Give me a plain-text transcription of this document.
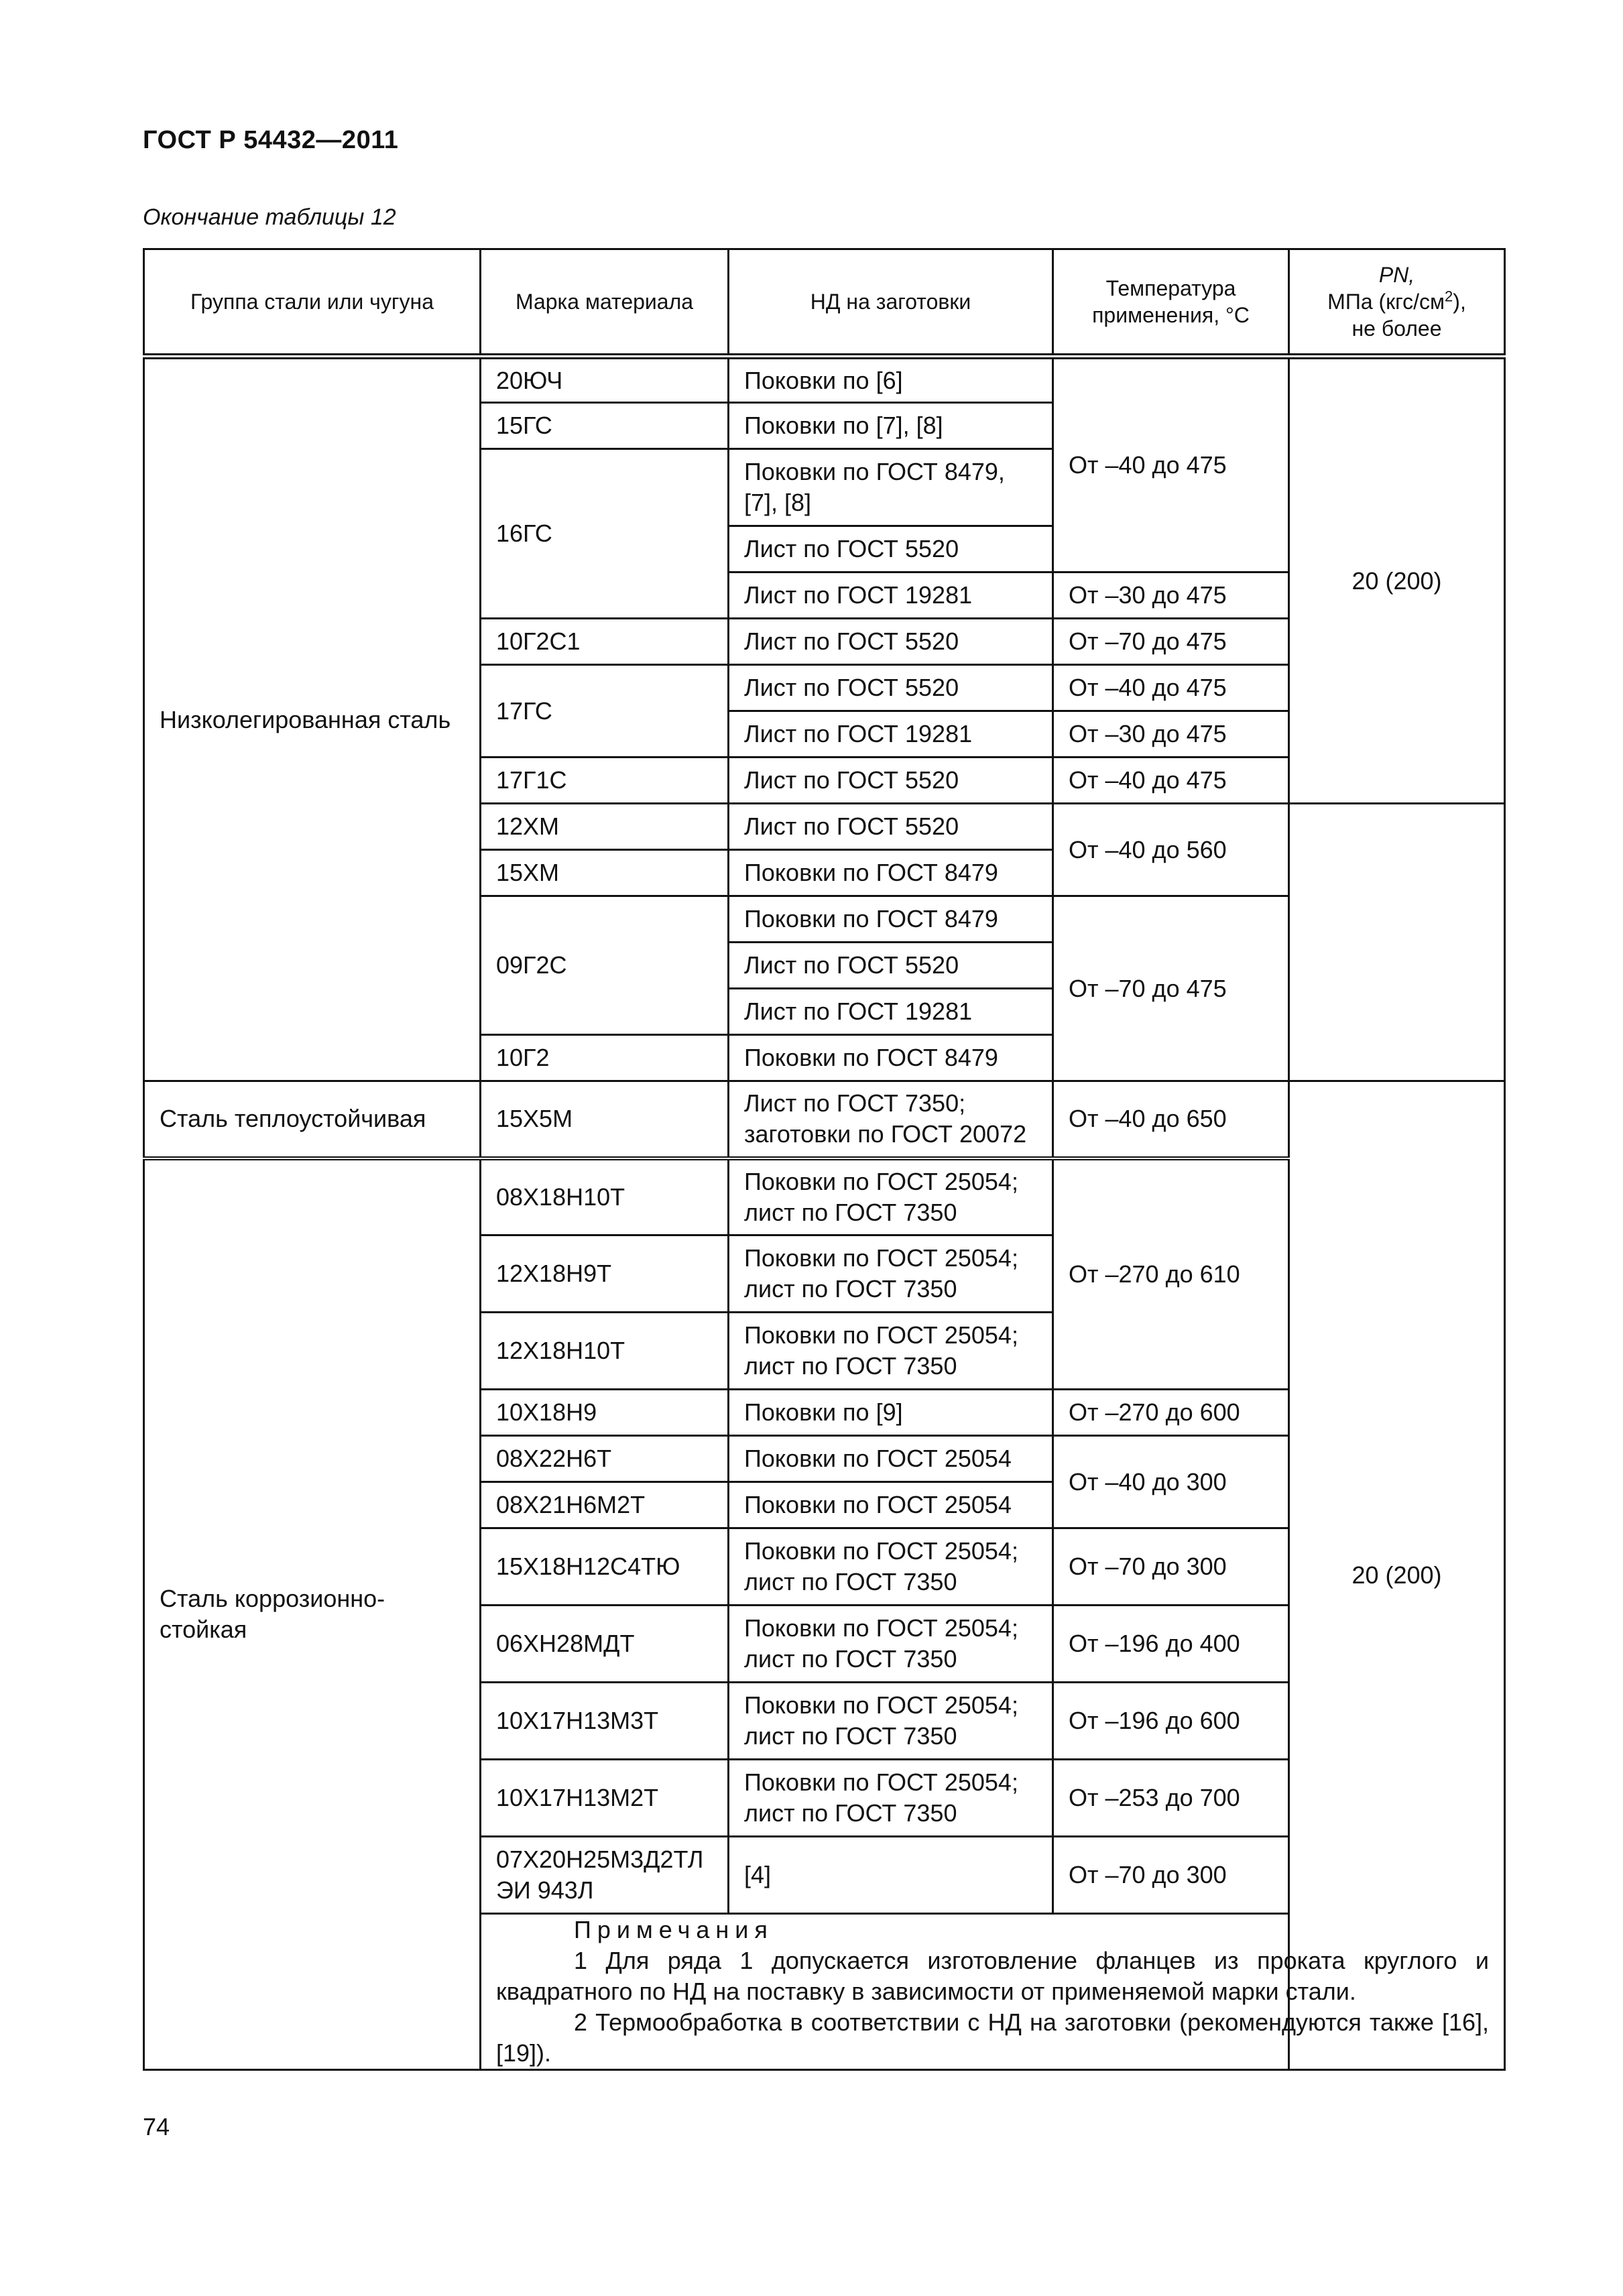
ГОСТ Р 54432—2011
Окончание таблицы 12
Группа стали или чугуна	Марка материала	НД на заготовки	Температура применения, °С	PN,
МПа $(кгс/см^2)$,
не более
Низколегированная сталь	20ЮЧ	Поковки по [6]	От –40 до 475	20 (200)
	15ГС	Поковки по [7], [8]		
	16ГС	Поковки по ГОСТ 8479, [7], [8]		
		Лист по ГОСТ 5520		
		Лист по ГОСТ 19281	От –30 до 475	
	10Г2С1	Лист по ГОСТ 5520	От –70 до 475	
	17ГС	Лист по ГОСТ 5520	От –40 до 475	
		Лист по ГОСТ 19281	От –30 до 475	
	17Г1С	Лист по ГОСТ 5520	От –40 до 475	
	12ХМ	Лист по ГОСТ 5520	От –40 до 560	
	15ХМ	Поковки по ГОСТ 8479		
	09Г2С	Поковки по ГОСТ 8479	От –70 до 475	
		Лист по ГОСТ 5520		
		Лист по ГОСТ 19281		
	10Г2	Поковки по ГОСТ 8479		
Сталь теплоустойчивая	15Х5М	Лист по ГОСТ 7350; заготовки по ГОСТ 20072	От –40 до 650	20 (200)
Сталь коррозионно-стойкая	08Х18Н10Т	Поковки по ГОСТ 25054; лист по ГОСТ 7350	От –270 до 610	
	12Х18Н9Т	Поковки по ГОСТ 25054; лист по ГОСТ 7350		
	12Х18Н10Т	Поковки по ГОСТ 25054; лист по ГОСТ 7350		
	10Х18Н9	Поковки по [9]	От –270 до 600	
	08Х22Н6Т	Поковки по ГОСТ 25054	От –40 до 300	
	08Х21Н6М2Т	Поковки по ГОСТ 25054		
	15Х18Н12С4ТЮ	Поковки по ГОСТ 25054; лист по ГОСТ 7350	От –70 до 300	
	06ХН28МДТ	Поковки по ГОСТ 25054; лист по ГОСТ 7350	От –196 до 400	
	10Х17Н13М3Т	Поковки по ГОСТ 25054; лист по ГОСТ 7350	От –196 до 600	
	10Х17Н13М2Т	Поковки по ГОСТ 25054; лист по ГОСТ 7350	От –253 до 700	
	07Х20Н25М3Д2ТЛ ЭИ 943Л	[4]	От –70 до 300	

	Примечания
1 Для ряда 1 допускается изготовление фланцев из проката круглого и квадратного по НД на поставку в зависимости от применяемой марки стали.
2 Термообработка в соответствии с НД на заготовки (рекомендуются также [16], [19]).			
74
